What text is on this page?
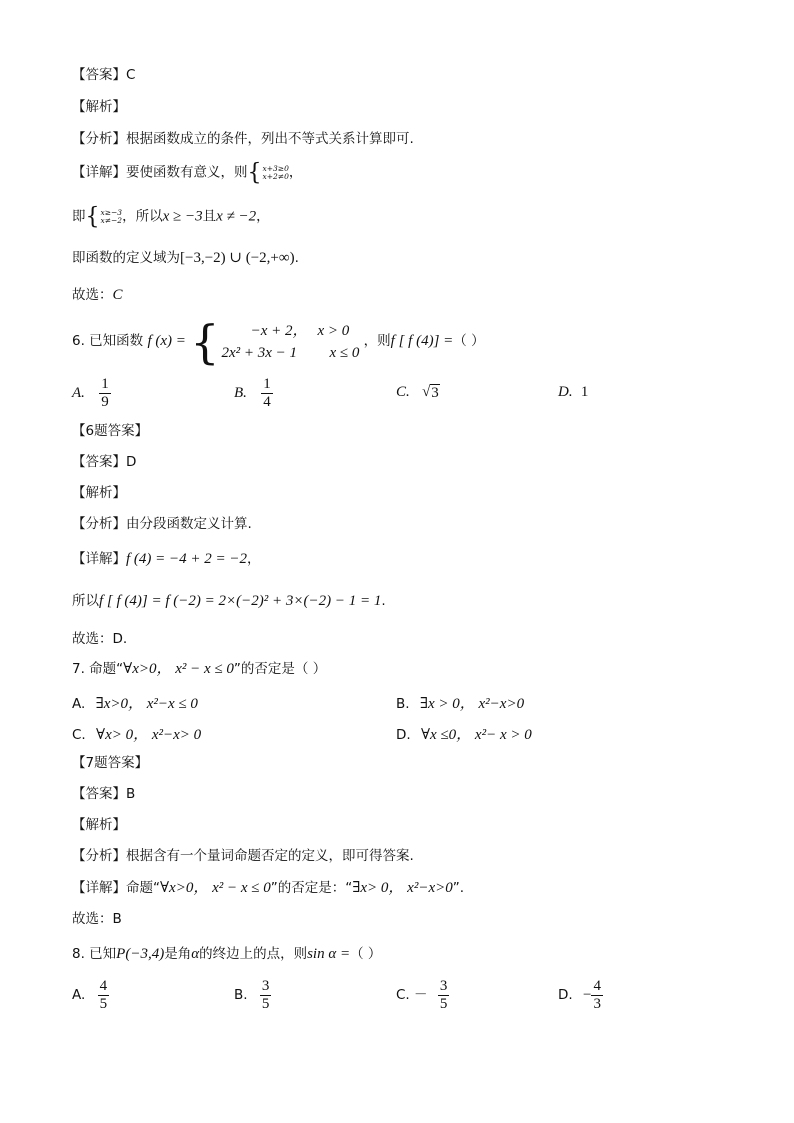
【答案】C
【解析】
【分析】根据函数成立的条件，列出不等式关系计算即可.
【详解】要使函数有意义，则 { x+3≥0
x+2≠0 ，
即 { x≥−3
x≠−2 ，所以x ≥ −3且x ≠ −2，
即函数的定义域为[−3,−2) ∪ (−2,+∞).
故选：C
6. 已知函数 f (x) = {	−x + 2， x > 0
2x² + 3x − 1	x ≤ 0
，则f [ f (4)] =（ ）
A. $\frac{1}{9}$	B. $\frac{1}{4}$	C. √ 3	D. 1
【6题答案】
【答案】D
【解析】
【分析】由分段函数定义计算.
【详解】f (4) = −4 + 2 = −2，
所以f [ f (4)] = f (−2) = 2×(−2)² + 3×(−2) − 1 = 1.
故选：D.
7. 命题“∀x>0， x² − x ≤ 0”的否定是（ ）
A. ∃x>0， x²−x ≤ 0	B. ∃x > 0， x²−x>0
C. ∀x> 0， x²−x> 0	D. ∀x ≤0， x²− x > 0
【7题答案】
【答案】B
【解析】
【分析】根据含有一个量词命题否定的定义，即可得答案.
【详解】命题“∀x>0， x² − x ≤ 0”的否定是：“∃x> 0， x²−x>0”.
故选：B
8. 已知P(−3,4)是角α的终边上的点，则sin α =（ ）
A. $\frac{4}{5}$	B. $\frac{3}{5}$	C. － $\frac{3}{5}$	D. − $\frac{4}{3}$
